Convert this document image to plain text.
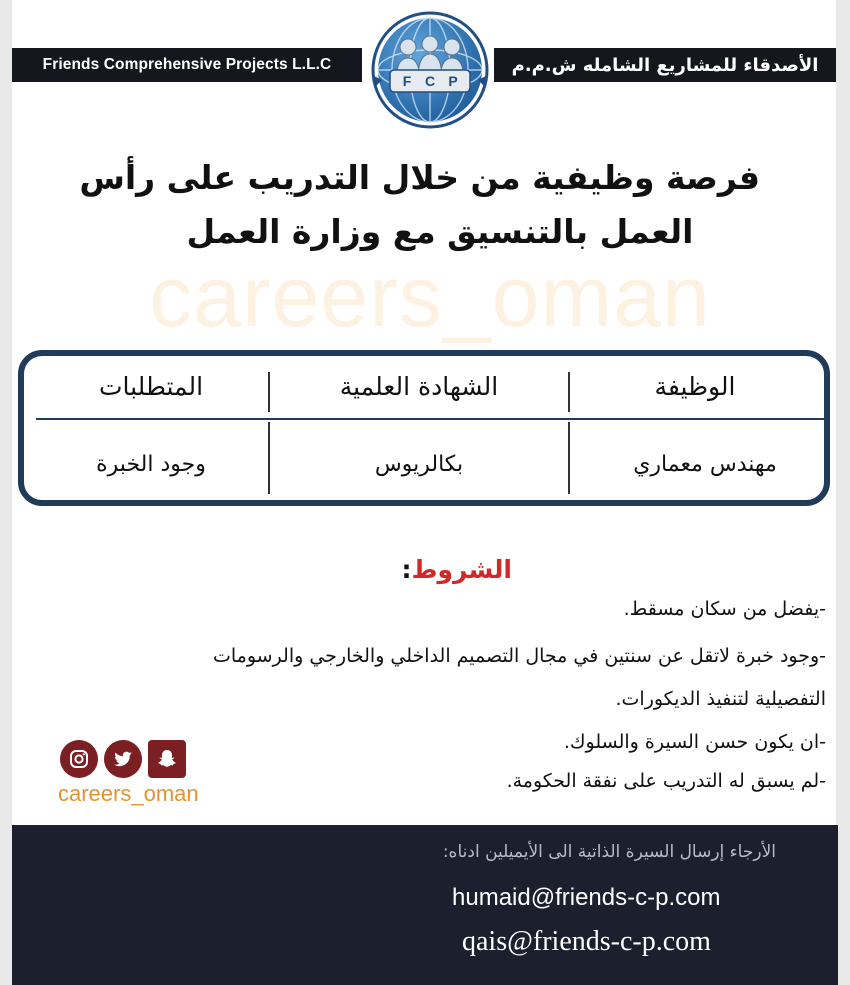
Friends Comprehensive Projects L.L.C	الأصدقاء للمشاريع الشامله ش.م.م
F C P
فرصة وظيفية من خلال التدريب على رأس
العمل بالتنسيق مع وزارة العمل
careers_oman
الوظيفة
الشهادة العلمية
المتطلبات
مهندس معماري
بكالريوس
وجود الخبرة
الشروط:
-يفضل من سكان مسقط.
-وجود خبرة لاتقل عن سنتين في مجال التصميم الداخلي والخارجي والرسومات
التفصيلية لتنفيذ الديكورات.
-ان يكون حسن السيرة والسلوك.
-لم يسبق له التدريب على نفقة الحكومة.
careers_oman
الأرجاء إرسال السيرة الذاتية الى الأيميلين ادناه:
humaid@friends-c-p.com
qais@friends-c-p.com
